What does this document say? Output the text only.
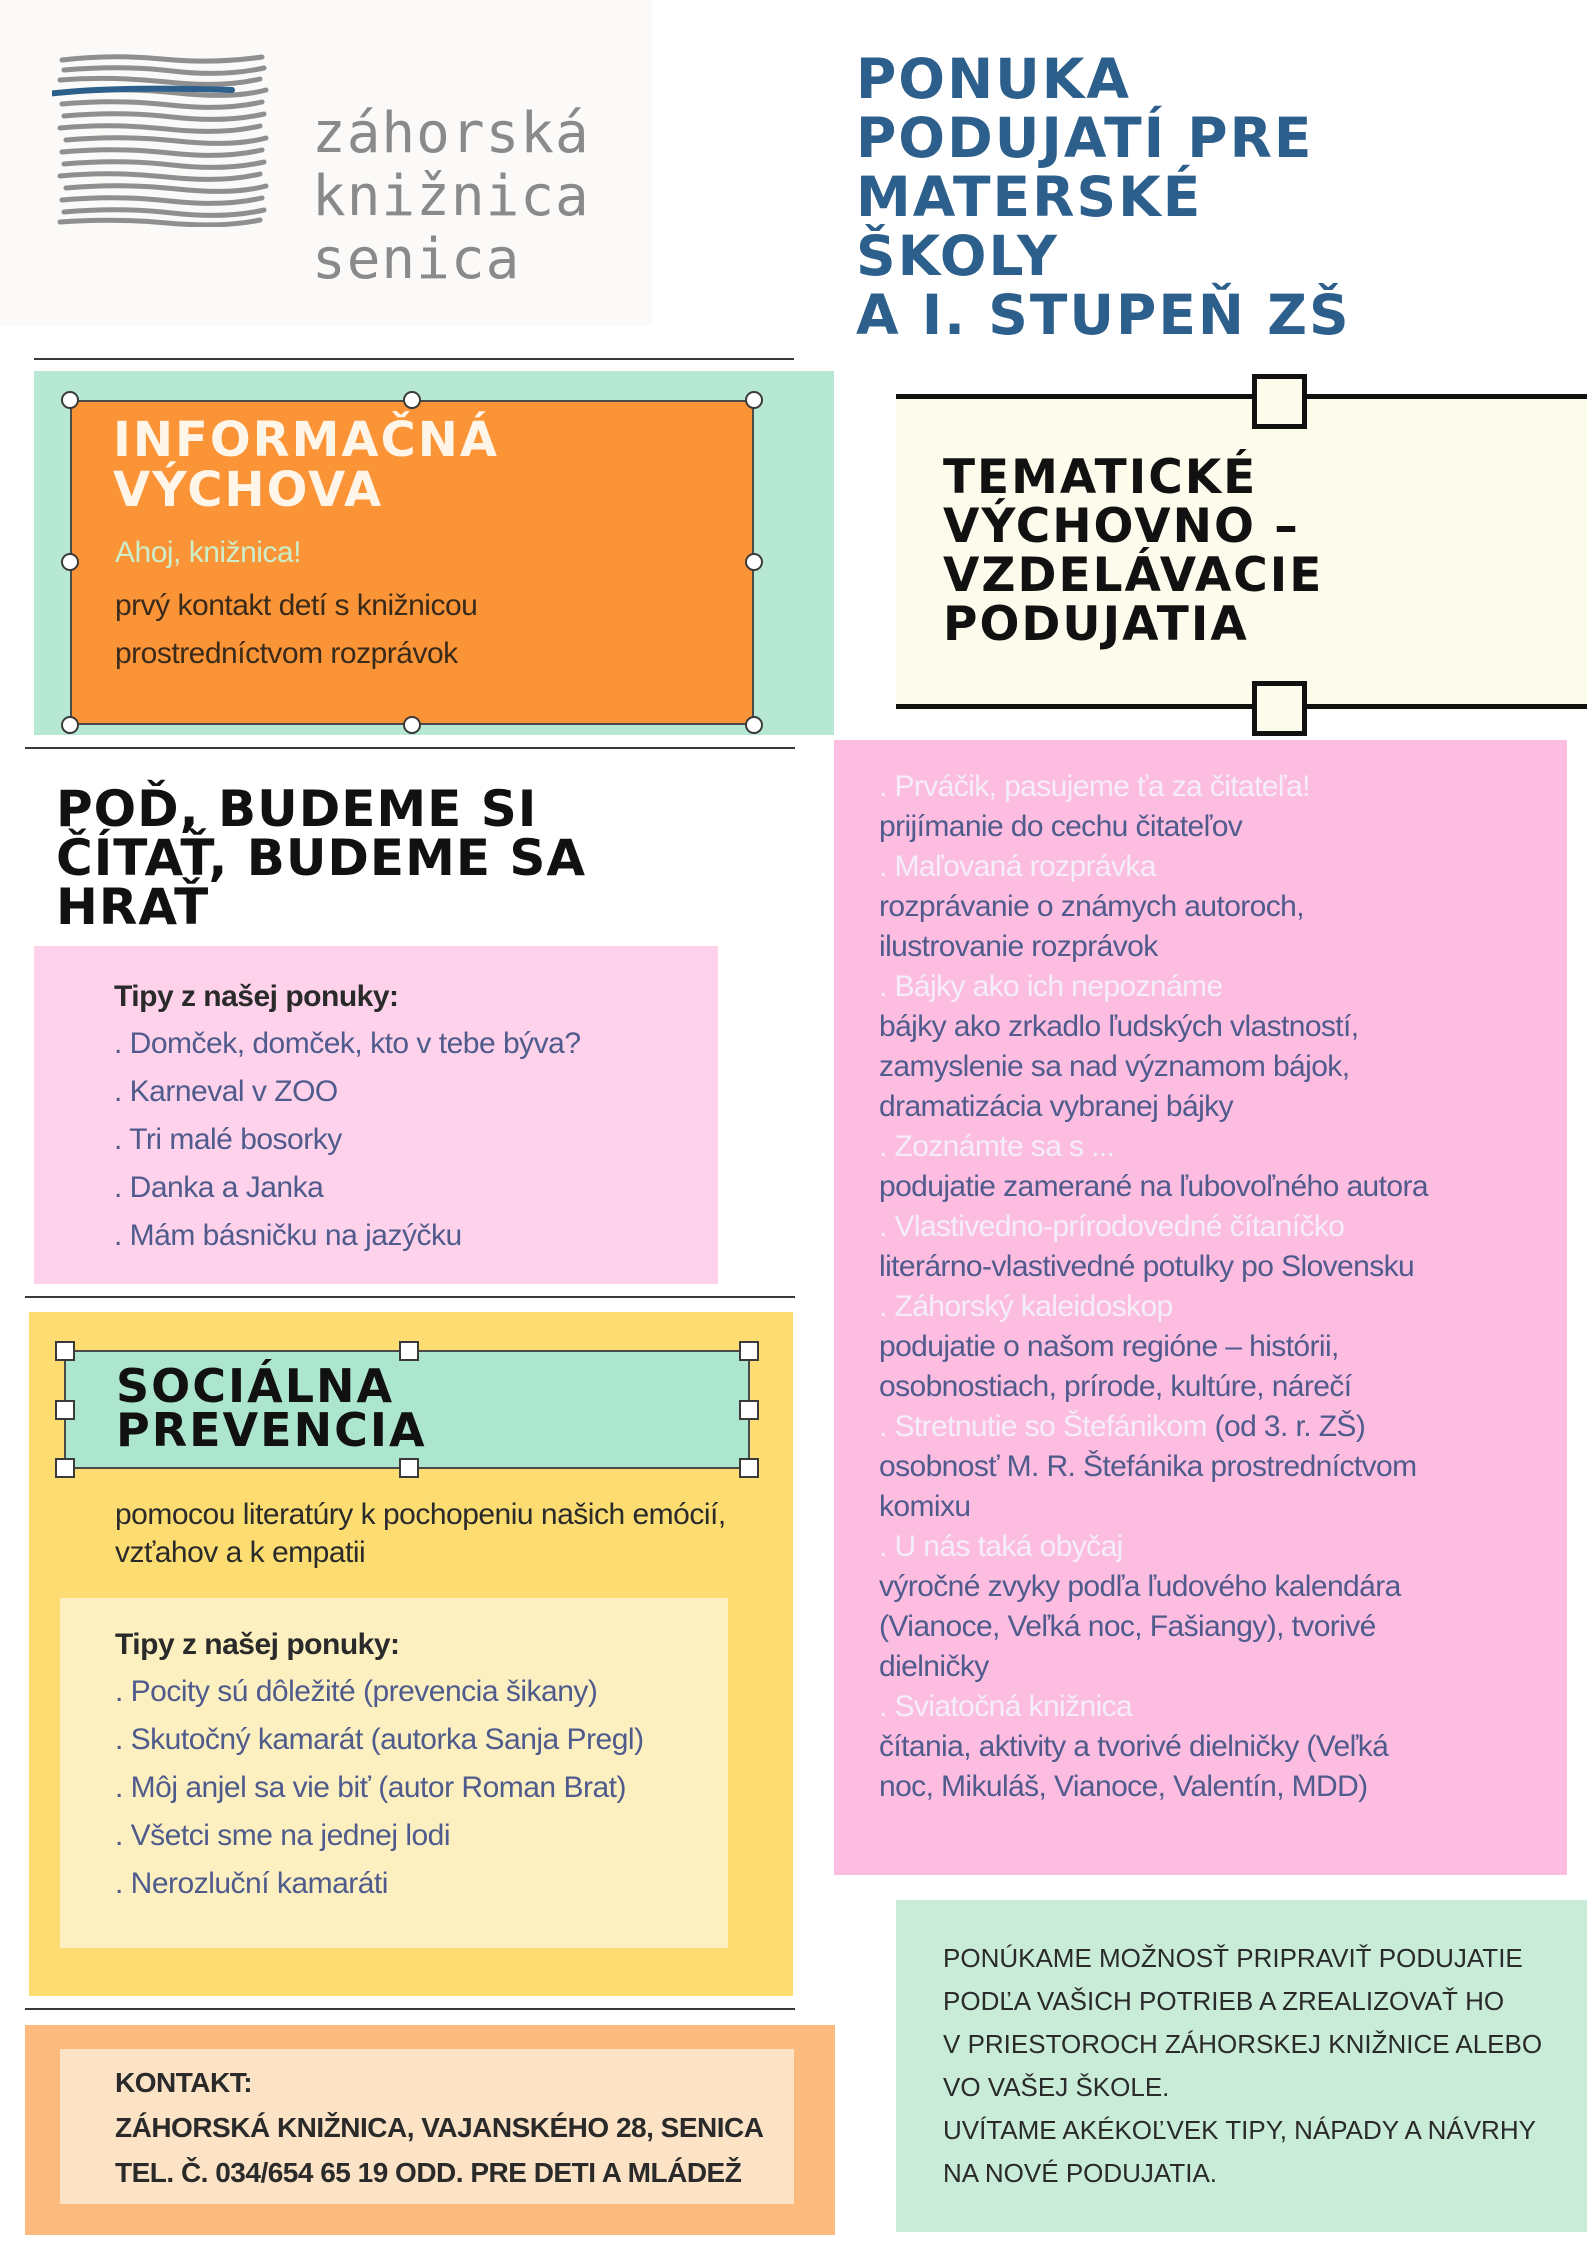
záhorská
knižnica
senica
PONUKA
PODUJATÍ PRE
MATERSKÉ
ŠKOLY
A I. STUPEŇ ZŠ
INFORMAČNÁ
VÝCHOVA
Ahoj, knižnica!
prvý kontakt detí s knižnicou
prostredníctvom rozprávok
POĎ, BUDEME SI
ČÍTAŤ, BUDEME SA
HRAŤ
Tipy z našej ponuky:
. Domček, domček, kto v tebe býva?
. Karneval v ZOO
. Tri malé bosorky
. Danka a Janka
. Mám básničku na jazýčku
SOCIÁLNA
PREVENCIA
pomocou literatúry k pochopeniu našich emócií, vzťahov a k empatii
Tipy z našej ponuky:
. Pocity sú dôležité (prevencia šikany)
. Skutočný kamarát (autorka Sanja Pregl)
. Môj anjel sa vie biť (autor Roman Brat)
. Všetci sme na jednej lodi
. Nerozluční kamaráti
KONTAKT:
ZÁHORSKÁ KNIŽNICA, VAJANSKÉHO 28, SENICA
TEL. Č. 034/654 65 19 ODD. PRE DETI A MLÁDEŽ
TEMATICKÉ
VÝCHOVNO –
VZDELÁVACIE
PODUJATIA
. Prváčik, pasujeme ťa za čitateľa!
prijímanie do cechu čitateľov
. Maľovaná rozprávka
rozprávanie o známych autoroch, ilustrovanie rozprávok
. Bájky ako ich nepoznáme
bájky ako zrkadlo ľudských vlastností, zamyslenie sa nad významom bájok, dramatizácia vybranej bájky
. Zoznámte sa s ...
podujatie zamerané na ľubovoľného autora
. Vlastivedno-prírodovedné čítaníčko
literárno-vlastivedné potulky po Slovensku
. Záhorský kaleidoskop
podujatie o našom regióne – histórii, osobnostiach, prírode, kultúre, nárečí
. Stretnutie so Štefánikom (od 3. r. ZŠ)
osobnosť M. R. Štefánika prostredníctvom komixu
. U nás taká obyčaj
výročné zvyky podľa ľudového kalendára (Vianoce, Veľká noc, Fašiangy), tvorivé dielničky
. Sviatočná knižnica
čítania, aktivity a tvorivé dielničky (Veľká noc, Mikuláš, Vianoce, Valentín, MDD)
PONÚKAME MOŽNOSŤ PRIPRAVIŤ PODUJATIE
PODĽA VAŠICH POTRIEB A ZREALIZOVAŤ HO
V PRIESTOROCH ZÁHORSKEJ KNIŽNICE ALEBO
VO VAŠEJ ŠKOLE.
UVÍTAME AKÉKOĽVEK TIPY, NÁPADY A NÁVRHY
NA NOVÉ PODUJATIA.
